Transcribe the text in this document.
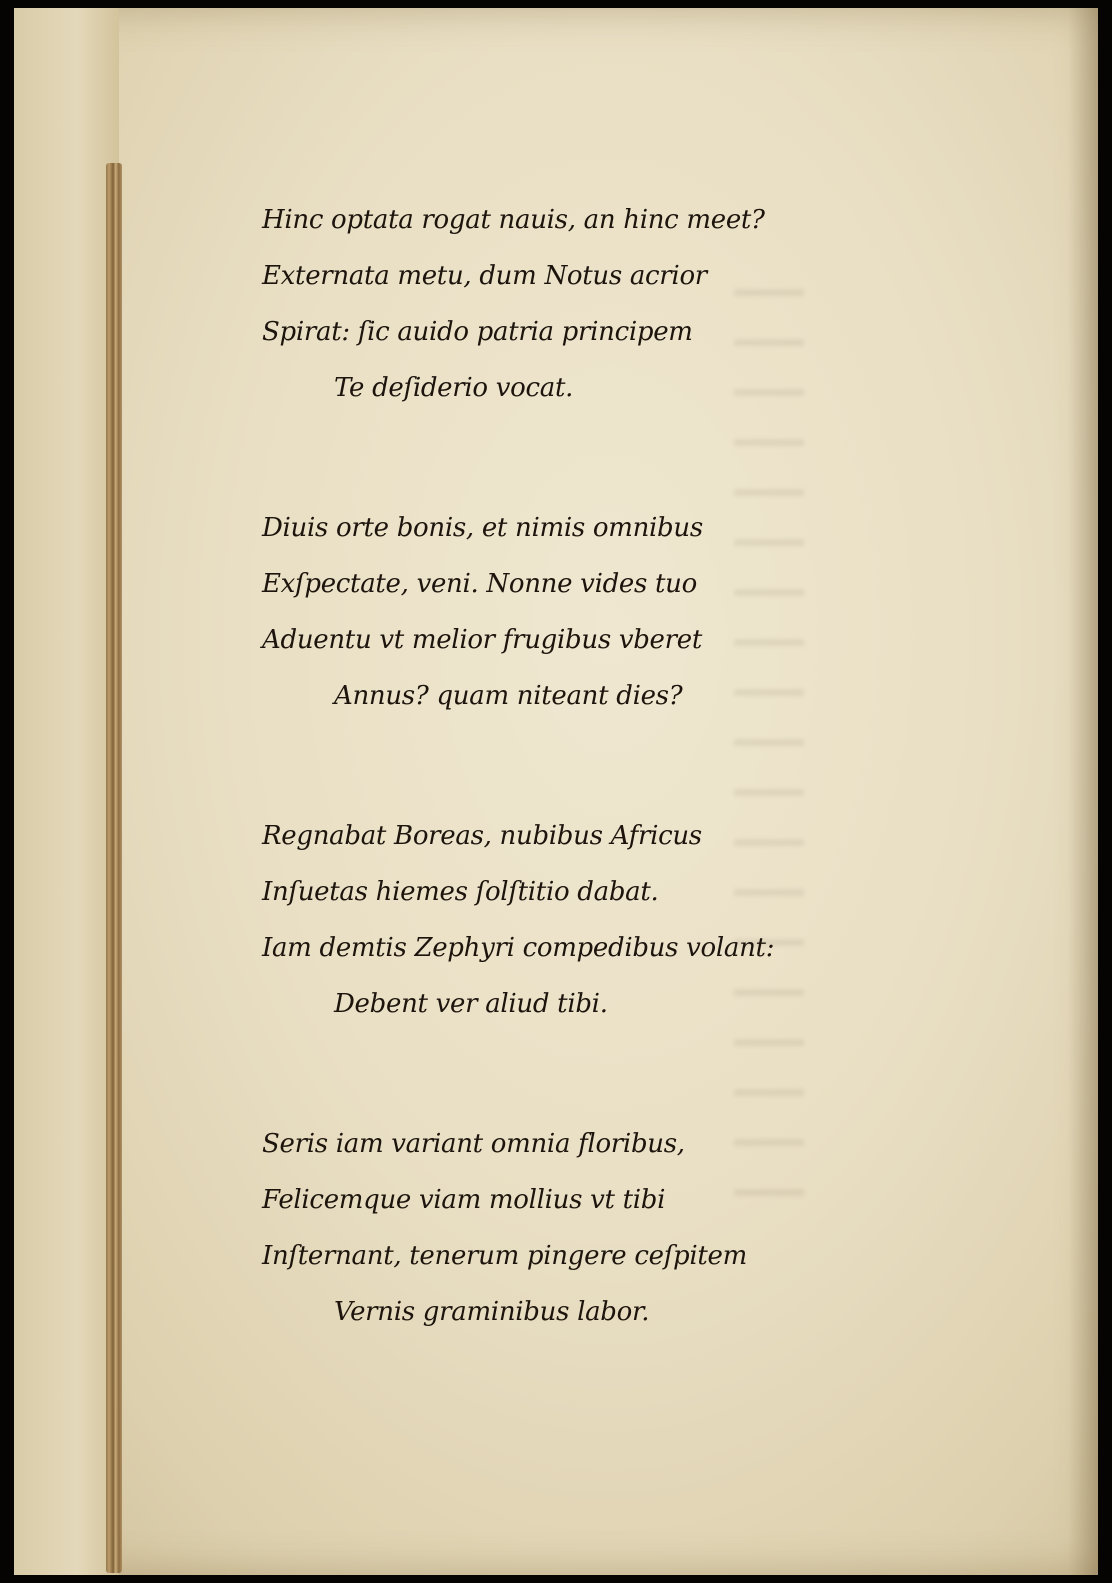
Hinc optata rogat nauis, an hinc meet?
Externata metu, dum Notus acrior
Spirat: ſic auido patria principem
Te deſiderio vocat.
Diuis orte bonis, et nimis omnibus
Exſpectate, veni. Nonne vides tuo
Aduentu vt melior frugibus vberet
Annus? quam niteant dies?
Regnabat Boreas, nubibus Africus
Inſuetas hiemes ſolſtitio dabat.
Iam demtis Zephyri compedibus volant:
Debent ver aliud tibi.
Seris iam variant omnia floribus,
Felicemque viam mollius vt tibi
Inſternant, tenerum pingere ceſpitem
Vernis graminibus labor.
